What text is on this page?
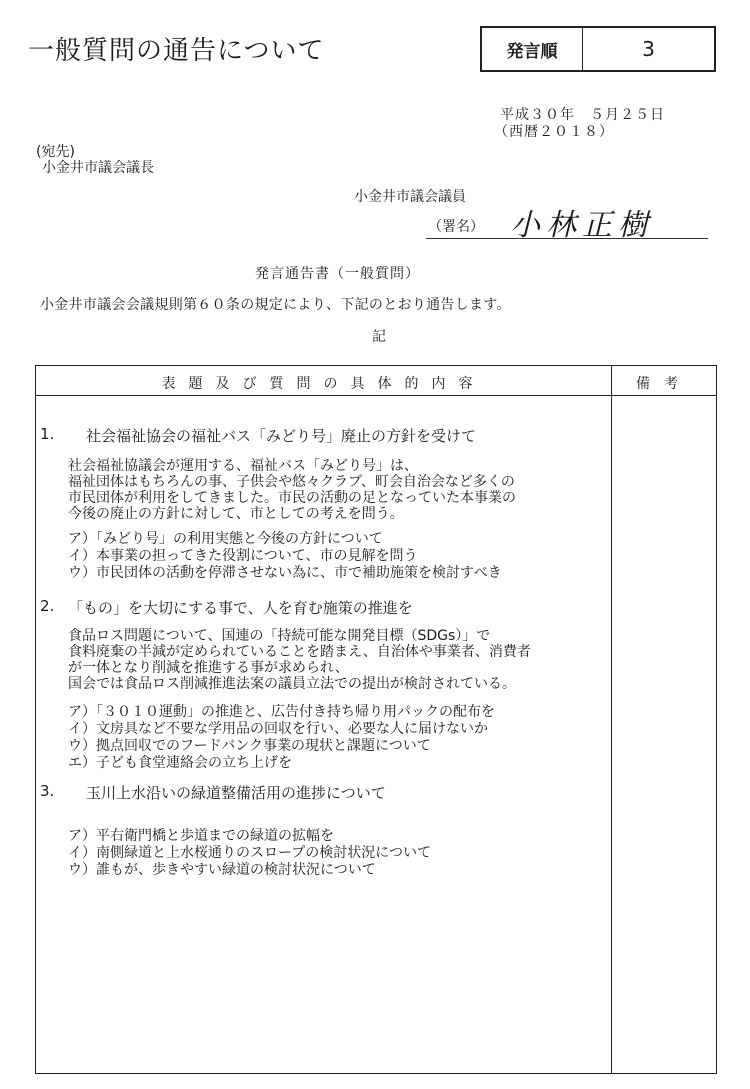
一般質問の通告について	発言順	3
平成３０年　５月２５日
（西暦２０１８）
(宛先)
小金井市議会議長
小金井市議会議員
（署名） 小林正樹
発言通告書（一般質問）
小金井市議会会議規則第６０条の規定により、下記のとおり通告します。
記
表題及び質問の具体的内容	備考
1. 社会福祉協会の福祉バス「みどり号」廃止の方針を受けて
社会福祉協議会が運用する、福祉バス「みどり号」は、
福祉団体はもちろんの事、子供会や悠々クラブ、町会自治会など多くの
市民団体が利用をしてきました。市民の活動の足となっていた本事業の
今後の廃止の方針に対して、市としての考えを問う。
ア）「みどり号」の利用実態と今後の方針について
イ）本事業の担ってきた役割について、市の見解を問う
ウ）市民団体の活動を停滞させない為に、市で補助施策を検討すべき
2. 「もの」を大切にする事で、人を育む施策の推進を
食品ロス問題について、国連の「持続可能な開発目標（SDGs）」で
食料廃棄の半減が定められていることを踏まえ、自治体や事業者、消費者
が一体となり削減を推進する事が求められ、
国会では食品ロス削減推進法案の議員立法での提出が検討されている。
ア）「３０１０運動」の推進と、広告付き持ち帰り用パックの配布を
イ）文房具など不要な学用品の回収を行い、必要な人に届けないか
ウ）拠点回収でのフードバンク事業の現状と課題について
エ）子ども食堂連絡会の立ち上げを
3. 玉川上水沿いの緑道整備活用の進捗について
ア）平右衛門橋と歩道までの緑道の拡幅を
イ）南側緑道と上水桜通りのスロープの検討状況について
ウ）誰もが、歩きやすい緑道の検討状況について
